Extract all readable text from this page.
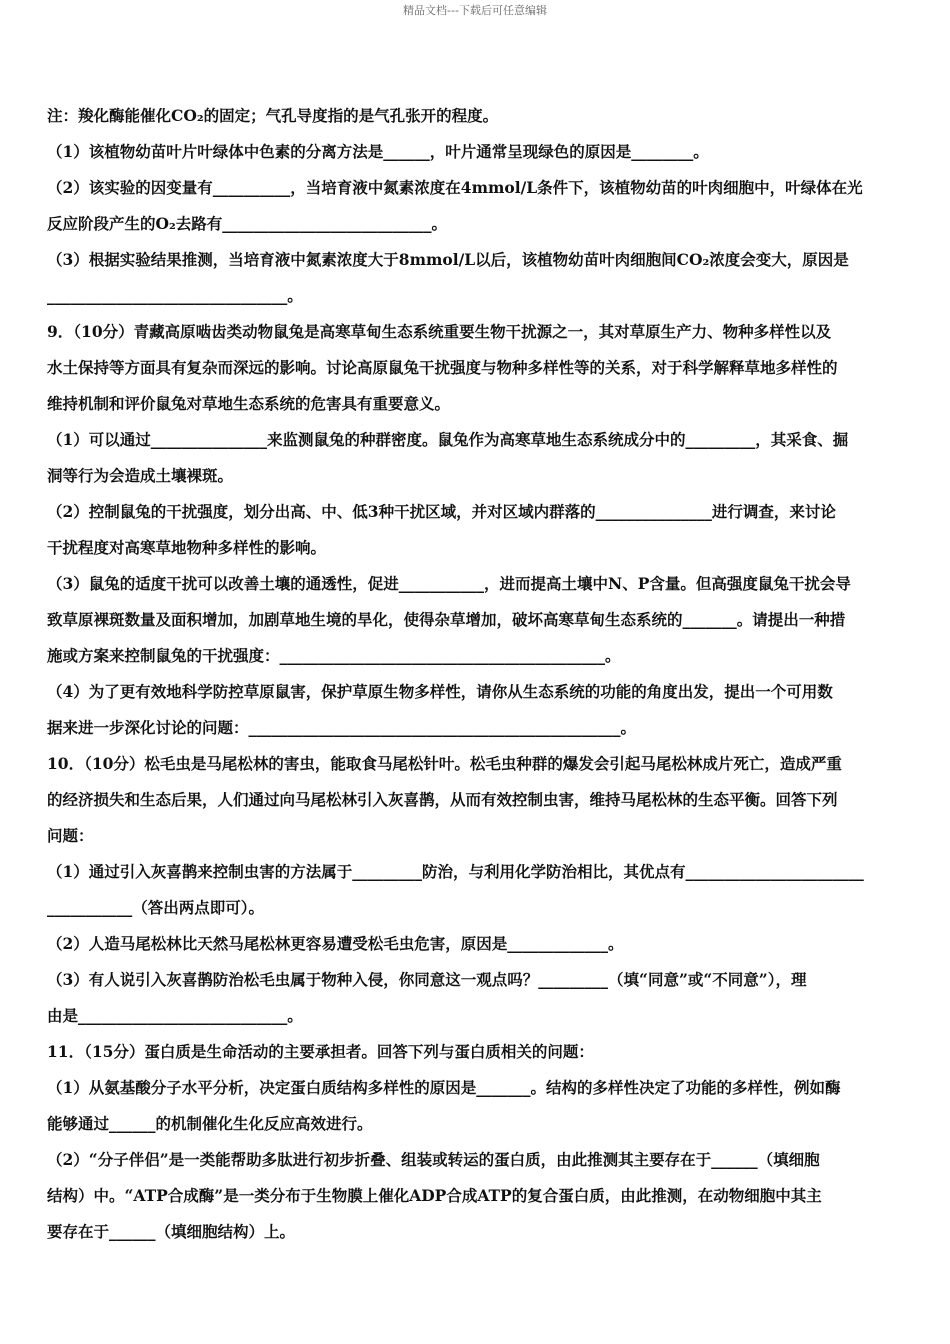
精品文档---下载后可任意编辑
注：羧化酶能催化CO₂的固定；气孔导度指的是气孔张开的程度。
（1）该植物幼苗叶片叶绿体中色素的分离方法是______，叶片通常呈现绿色的原因是________。
（2）该实验的因变量有__________，当培育液中氮素浓度在4mmol/L条件下，该植物幼苗的叶肉细胞中，叶绿体在光
反应阶段产生的O₂去路有___________________________。
（3）根据实验结果推测，当培育液中氮素浓度大于8mmol/L以后，该植物幼苗叶肉细胞间CO₂浓度会变大，原因是
_______________________________。
9．（10分）青藏高原啮齿类动物鼠兔是高寒草甸生态系统重要生物干扰源之一，其对草原生产力、物种多样性以及
水土保持等方面具有复杂而深远的影响。讨论高原鼠兔干扰强度与物种多样性等的关系，对于科学解释草地多样性的
维持机制和评价鼠兔对草地生态系统的危害具有重要意义。
（1）可以通过_______________来监测鼠兔的种群密度。鼠兔作为高寒草地生态系统成分中的_________，其采食、掘
洞等行为会造成土壤裸斑。
（2）控制鼠兔的干扰强度，划分出高、中、低3种干扰区域，并对区域内群落的_______________进行调查，来讨论
干扰程度对高寒草地物种多样性的影响。
（3）鼠兔的适度干扰可以改善土壤的通透性，促进___________，进而提高土壤中N、P含量。但高强度鼠兔干扰会导
致草原裸斑数量及面积增加，加剧草地生境的旱化，使得杂草增加，破坏高寒草甸生态系统的_______。请提出一种措
施或方案来控制鼠兔的干扰强度：__________________________________________。
（4）为了更有效地科学防控草原鼠害，保护草原生物多样性，请你从生态系统的功能的角度出发，提出一个可用数
据来进一步深化讨论的问题：________________________________________________。
10．（10分）松毛虫是马尾松林的害虫，能取食马尾松针叶。松毛虫种群的爆发会引起马尾松林成片死亡，造成严重
的经济损失和生态后果，人们通过向马尾松林引入灰喜鹊，从而有效控制虫害，维持马尾松林的生态平衡。回答下列
问题：
（1）通过引入灰喜鹊来控制虫害的方法属于_________防治，与利用化学防治相比，其优点有_______________________
___________（答出两点即可）。
（2）人造马尾松林比天然马尾松林更容易遭受松毛虫危害，原因是_____________。
（3）有人说引入灰喜鹊防治松毛虫属于物种入侵，你同意这一观点吗？_________（填“同意”或“不同意”），理
由是___________________________。
11．（15分）蛋白质是生命活动的主要承担者。回答下列与蛋白质相关的问题：
（1）从氨基酸分子水平分析，决定蛋白质结构多样性的原因是_______。结构的多样性决定了功能的多样性，例如酶
能够通过______的机制催化生化反应高效进行。
（2）“分子伴侣”是一类能帮助多肽进行初步折叠、组装或转运的蛋白质，由此推测其主要存在于______（填细胞
结构）中。“ATP合成酶”是一类分布于生物膜上催化ADP合成ATP的复合蛋白质，由此推测，在动物细胞中其主
要存在于______（填细胞结构）上。
